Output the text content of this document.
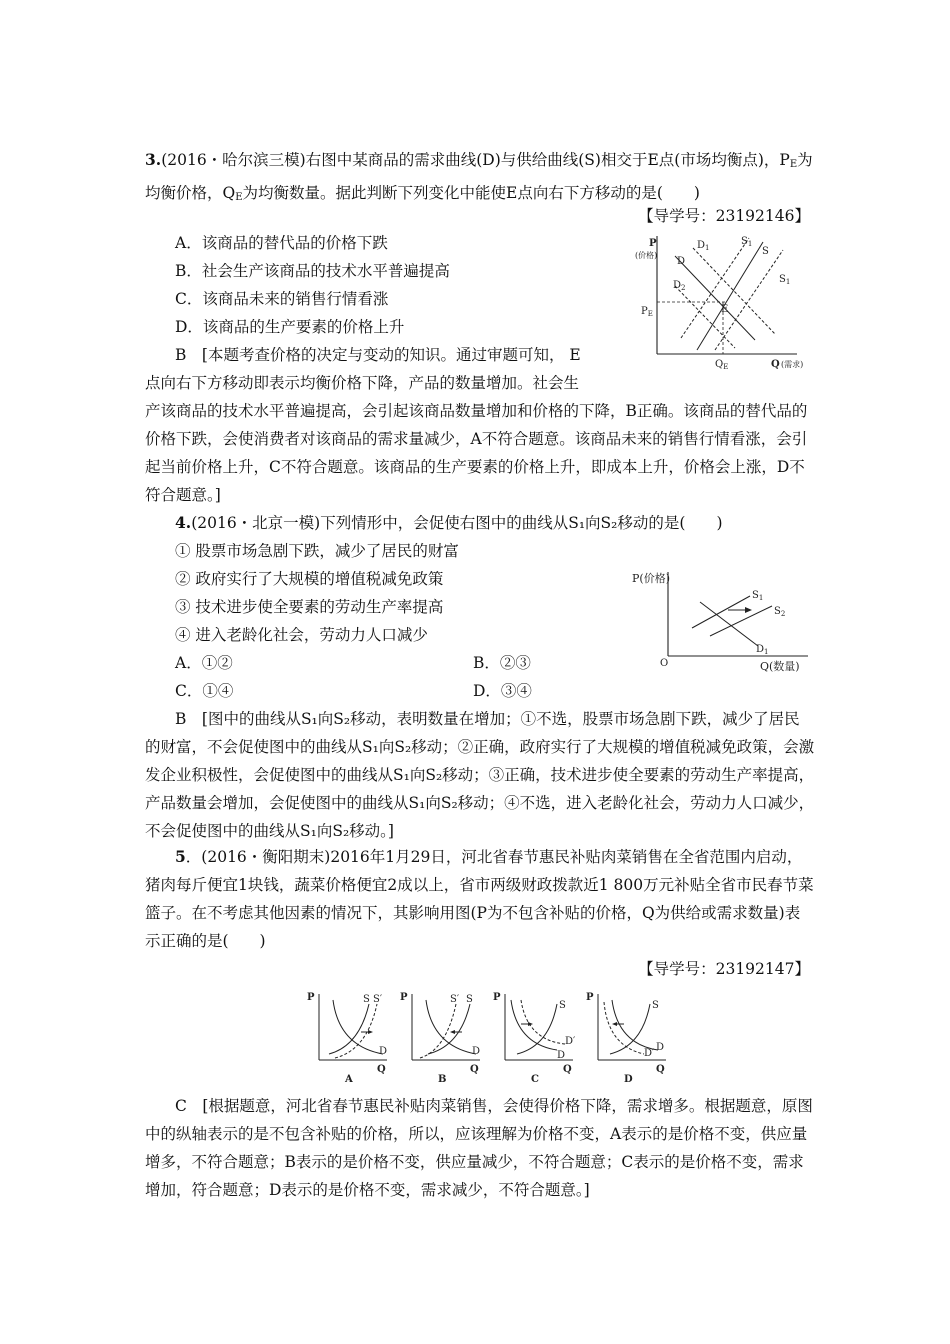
3.(2016・哈尔滨三模)右图中某商品的需求曲线(D)与供给曲线(S)相交于E点(市场均衡点)，$P_E$为均衡价格，$Q_E$为均衡数量。据此判断下列变化中能使E点向右下方移动的是(　　)

【导学号：23192146】
A．该商品的替代品的价格下跌
B．社会生产该商品的技术水平普遍提高
C．该商品未来的销售行情看涨
D．该商品的生产要素的价格上升
B　[本题考查价格的决定与变动的知识。通过审题可知， E
点向右下方移动即表示均衡价格下降，产品的数量增加。社会生

产该商品的技术水平普遍提高，会引起该商品数量增加和价格的下降，B正确。该商品的替代品的价格下跌，会使消费者对该商品的需求量减少，A不符合题意。该商品未来的销售行情看涨，会引起当前价格上升，C不符合题意。该商品的生产要素的价格上升，即成本上升，价格会上涨，D不符合题意。]

P
(价格)
Q (需求)
$D_1$
D
$D_2$
$S_1$
S
$S_1$
$P_E$	E
$Q_E$
4.(2016・北京一模)下列情形中，会促使右图中的曲线从S₁向S₂移动的是(　　)
① 股票市场急剧下跌，减少了居民的财富
② 政府实行了大规模的增值税减免政策
③ 技术进步使全要素的劳动生产率提高
④ 进入老龄化社会，劳动力人口减少
A．①②	B．②③
C．①④	D．③④

B　[图中的曲线从S₁向S₂移动，表明数量在增加；①不选，股票市场急剧下跌，减少了居民的财富，不会促使图中的曲线从S₁向S₂移动；②正确，政府实行了大规模的增值税减免政策，会激发企业积极性，会促使图中的曲线从S₁向S₂移动；③正确，技术进步使全要素的劳动生产率提高，产品数量会增加，会促使图中的曲线从S₁向S₂移动；④不选，进入老龄化社会，劳动力人口减少，不会促使图中的曲线从S₁向S₂移动。]

P(价格)
Q(数量)
O
$S_1$
$S_2$
$D_1$

5．(2016・衡阳期末)2016年1月29日，河北省春节惠民补贴肉菜销售在全省范围内启动，猪肉每斤便宜1块钱，蔬菜价格便宜2成以上，省市两级财政拨款近1 800万元补贴全省市民春节菜篮子。在不考虑其他因素的情况下，其影响用图(P为不包含补贴的价格，Q为供给或需求数量)表示正确的是(　　)

【导学号：23192147】
P
Q
S S′
D
A
P
Q
S′ S
D
B
P
Q
S
D′
D
C
P
Q
S
D′
D
D

C　[根据题意，河北省春节惠民补贴肉菜销售，会使得价格下降，需求增多。根据题意，原图中的纵轴表示的是不包含补贴的价格，所以，应该理解为价格不变，A表示的是价格不变，供应量增多，不符合题意；B表示的是价格不变，供应量减少，不符合题意；C表示的是价格不变，需求增加，符合题意；D表示的是价格不变，需求减少，不符合题意。]
